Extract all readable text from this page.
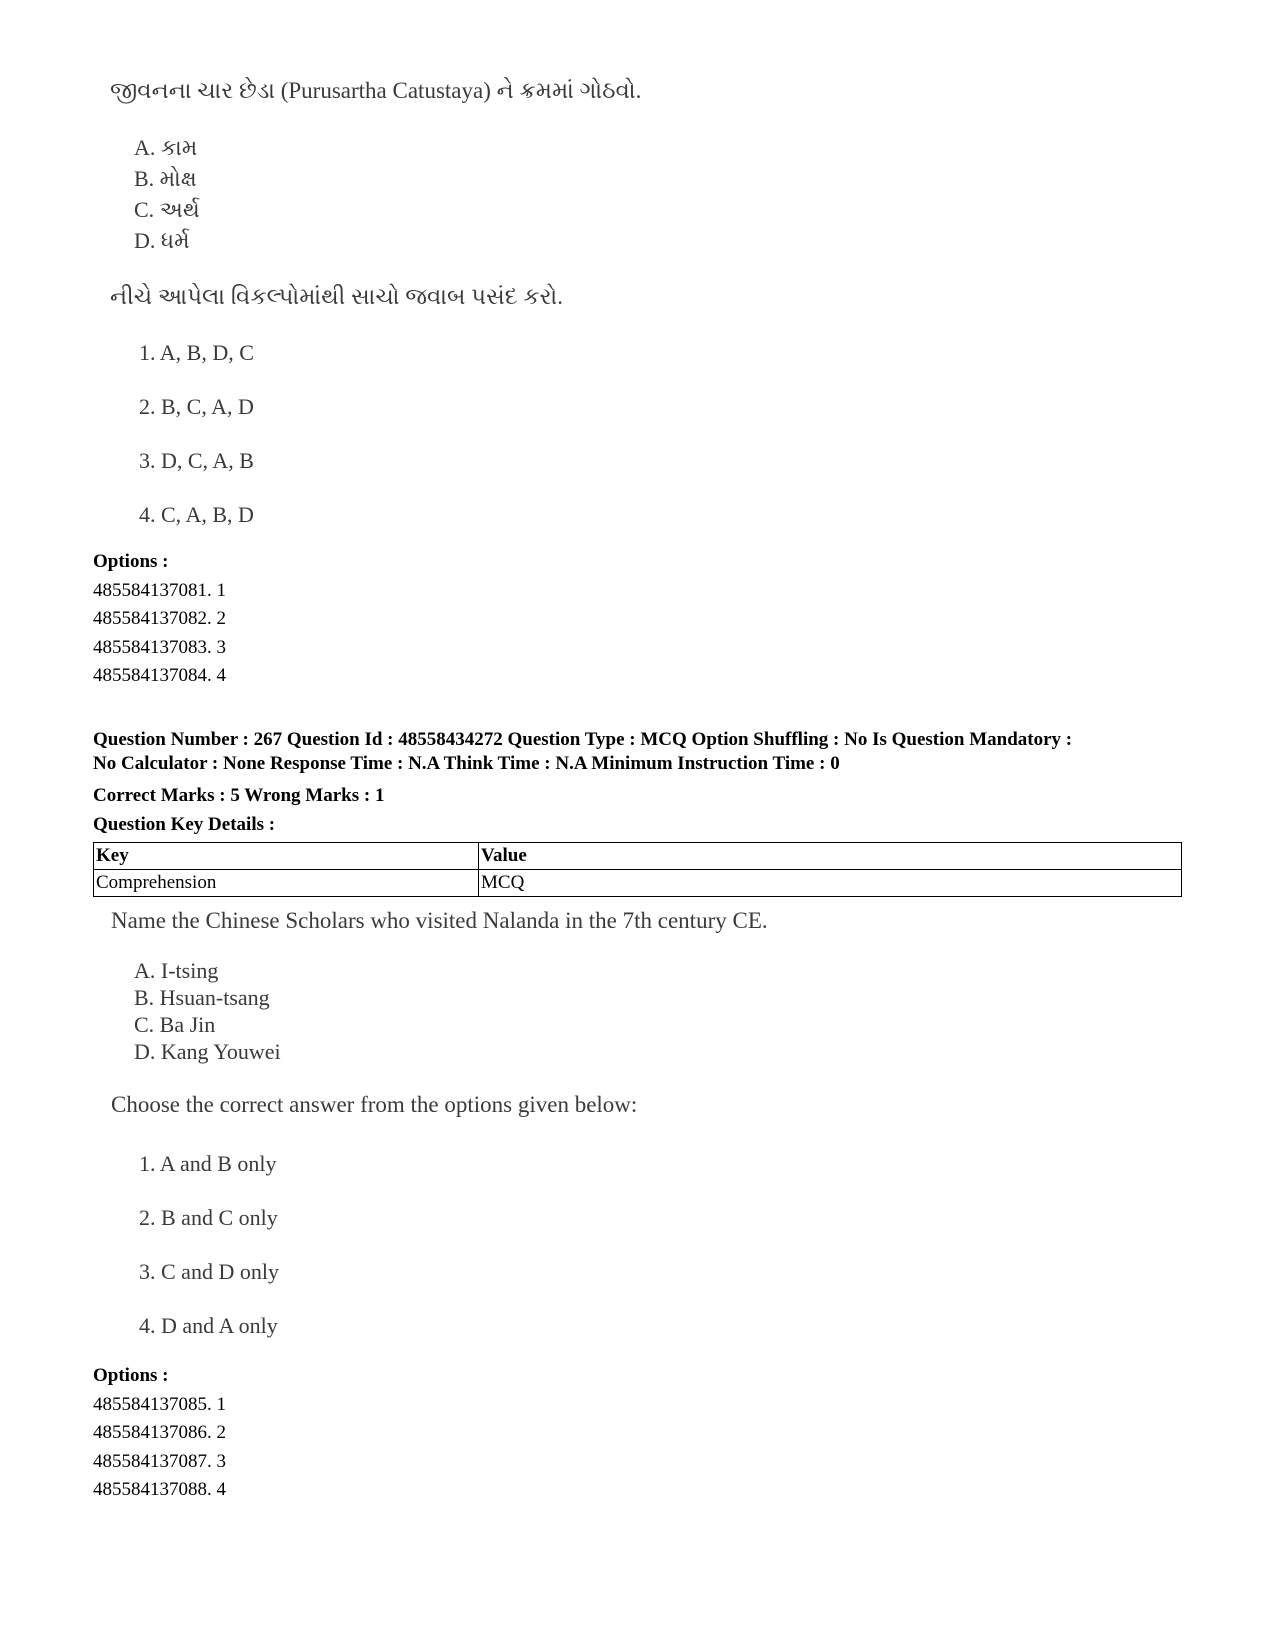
જીવનના ચાર છેડા (Purusartha Catustaya) ને ક્રમમાં ગોઠવો.
A. કામ
B. મોક્ષ
C. અર્થ
D. ધર્મ
નીચે આપેલા વિકલ્પોમાંથી સાચો જવાબ પસંદ કરો.
1. A, B, D, C
2. B, C, A, D
3. D, C, A, B
4. C, A, B, D
Options :
485584137081. 1
485584137082. 2
485584137083. 3
485584137084. 4
Question Number : 267 Question Id : 48558434272 Question Type : MCQ Option Shuffling : No Is Question Mandatory :
No Calculator : None Response Time : N.A Think Time : N.A Minimum Instruction Time : 0
Correct Marks : 5 Wrong Marks : 1
Question Key Details :
Key	Value
Comprehension	MCQ
Name the Chinese Scholars who visited Nalanda in the 7th century CE.
A. I-tsing
B. Hsuan-tsang
C. Ba Jin
D. Kang Youwei
Choose the correct answer from the options given below:
1. A and B only
2. B and C only
3. C and D only
4. D and A only
Options :
485584137085. 1
485584137086. 2
485584137087. 3
485584137088. 4
